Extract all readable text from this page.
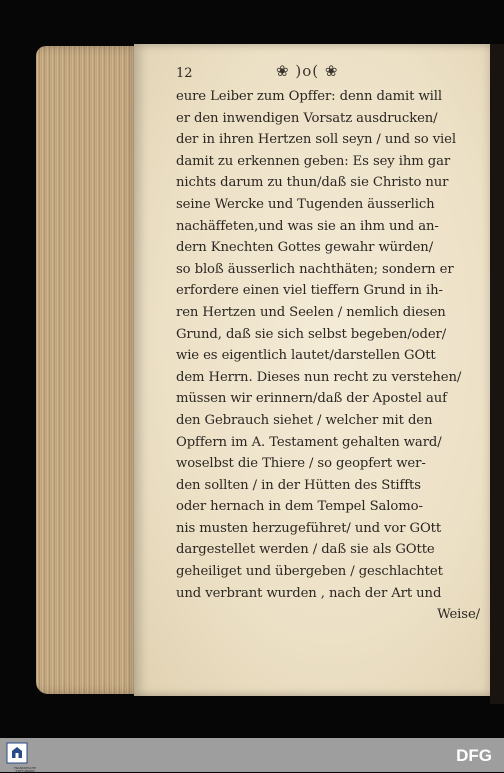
12	❀ )o( ❀
eure Leiber zum Opffer: denn damit will
er den inwendigen Vorsatz ausdrucken/
der in ihren Hertzen soll seyn / und so viel
damit zu erkennen geben: Es sey ihm gar
nichts darum zu thun/daß sie Christo nur
seine Wercke und Tugenden äusserlich
nachäffeten,und was sie an ihm und an-
dern Knechten Gottes gewahr würden/
so bloß äusserlich nachthäten; sondern er
erfordere einen viel tieffern Grund in ih-
ren Hertzen und Seelen / nemlich diesen
Grund, daß sie sich selbst begeben/oder/
wie es eigentlich lautet/darstellen GOtt
dem Herrn. Dieses nun recht zu verstehen/
müssen wir erinnern/daß der Apostel auf
den Gebrauch siehet / welcher mit den
Opffern im A. Testament gehalten ward/
woselbst die Thiere / so geopfert wer-
den sollten / in der Hütten des Stiffts
oder hernach in dem Tempel Salomo-
nis musten herzugeführet/ und vor GOtt
dargestellet werden / daß sie als GOtte
geheiliget und übergeben / geschlachtet
und verbrant wurden , nach der Art und
Weise/
FRANCKESCHE STIFTUNGEN
DFG
